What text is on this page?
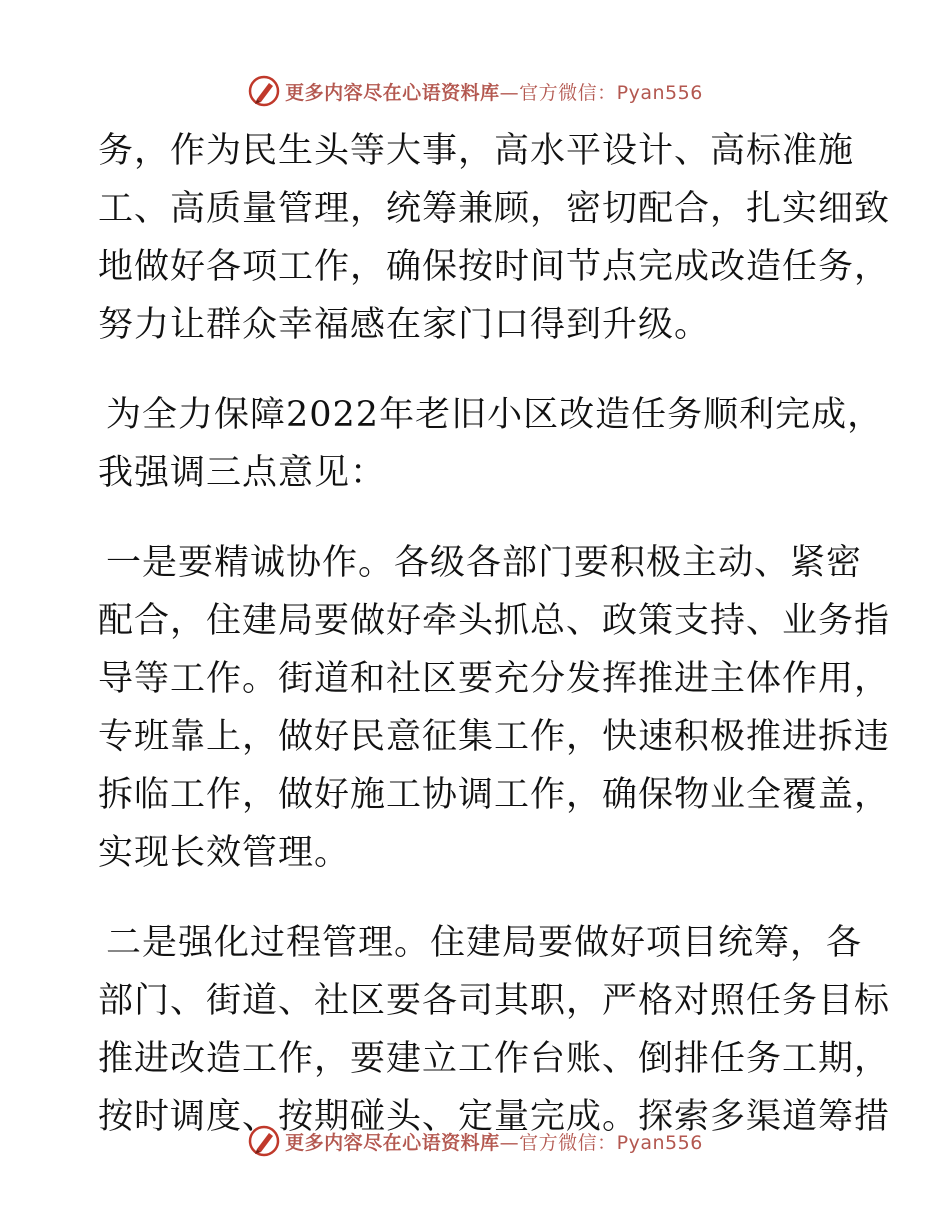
更多内容尽在心语资料库—官方微信：Pyan556
务，作为民生头等大事，高水平设计、高标准施
工、高质量管理，统筹兼顾，密切配合，扎实细致
地做好各项工作，确保按时间节点完成改造任务，
努力让群众幸福感在家门口得到升级。
为全力保障2022年老旧小区改造任务顺利完成，
我强调三点意见：
一是要精诚协作。各级各部门要积极主动、紧密
配合，住建局要做好牵头抓总、政策支持、业务指
导等工作。街道和社区要充分发挥推进主体作用，
专班靠上，做好民意征集工作，快速积极推进拆违
拆临工作，做好施工协调工作，确保物业全覆盖，
实现长效管理。
二是强化过程管理。住建局要做好项目统筹，各
部门、街道、社区要各司其职，严格对照任务目标
推进改造工作，要建立工作台账、倒排任务工期，
按时调度、按期碰头、定量完成。探索多渠道筹措
更多内容尽在心语资料库—官方微信：Pyan556
